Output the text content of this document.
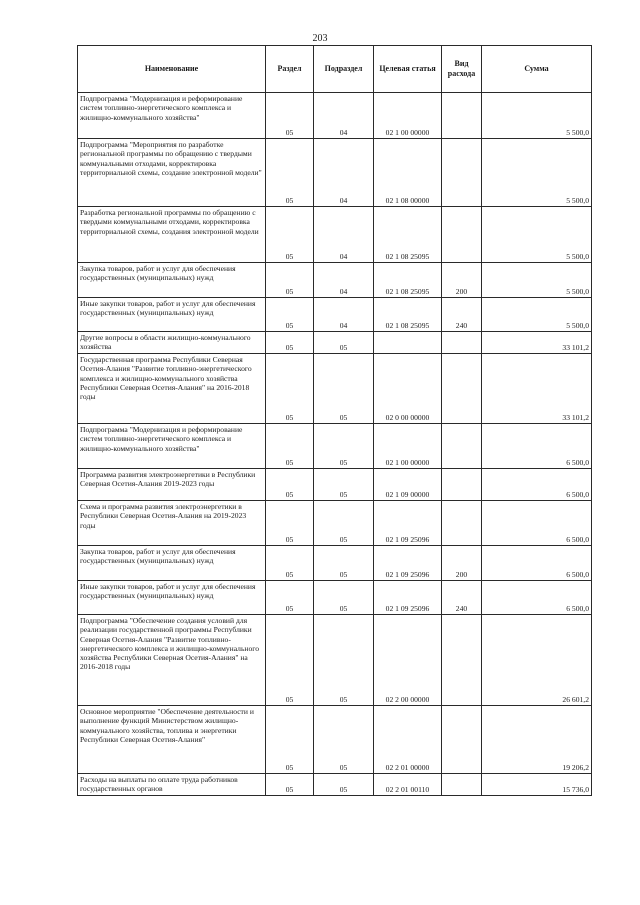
203
Наименование	Раздел	Подраздел	Целевая статья	Вид расхода	Сумма
Подпрограмма "Модернизация и реформирование систем топливно-энергетического комплекса и жилищно-коммунального хозяйства"	05	04	02 1 00 00000		5 500,0
Подпрограмма "Мероприятия по разработке региональной программы по обращению с твердыми коммунальными отходами, корректировка территориальной схемы, создание электронной модели"	05	04	02 1 08 00000		5 500,0
Разработка региональной программы по обращению с твердыми коммунальными отходами, корректировка территориальной схемы, создания электронной модели	05	04	02 1 08 25095		5 500,0
Закупка товаров, работ и услуг для обеспечения государственных (муниципальных) нужд	05	04	02 1 08 25095	200	5 500,0
Иные закупки товаров, работ и услуг для обеспечения государственных (муниципальных) нужд	05	04	02 1 08 25095	240	5 500,0
Другие вопросы в области жилищно-коммунального хозяйства	05	05			33 101,2
Государственная программа Республики Северная Осетия-Алания "Развитие топливно-энергетического комплекса и жилищно-коммунального хозяйства Республики Северная Осетия-Алания" на 2016-2018 годы	05	05	02 0 00 00000		33 101,2
Подпрограмма "Модернизация и реформирование систем топливно-энергетического комплекса и жилищно-коммунального хозяйства"	05	05	02 1 00 00000		6 500,0
Программа развития электроэнергетики в Республики Северная Осетия-Алания 2019-2023 годы	05	05	02 1 09 00000		6 500,0
Схема и программа развития электроэнергетики в Республики Северная Осетия-Алания на 2019-2023 годы	05	05	02 1 09 25096		6 500,0
Закупка товаров, работ и услуг для обеспечения государственных (муниципальных) нужд	05	05	02 1 09 25096	200	6 500,0
Иные закупки товаров, работ и услуг для обеспечения государственных (муниципальных) нужд	05	05	02 1 09 25096	240	6 500,0
Подпрограмма "Обеспечение создания условий для реализации государственной программы Республики Северная Осетия-Алания "Развитие топливно-энергетического комплекса и жилищно-коммунального хозяйства Республики Северная Осетия-Алания" на 2016-2018 годы	05	05	02 2 00 00000		26 601,2
Основное мероприятие "Обеспечение деятельности и выполнение функций Министерством жилищно-коммунального хозяйства, топлива и энергетики Республики Северная Осетия-Алания"	05	05	02 2 01 00000		19 206,2
Расходы на выплаты по оплате труда работников государственных органов	05	05	02 2 01 00110		15 736,0
